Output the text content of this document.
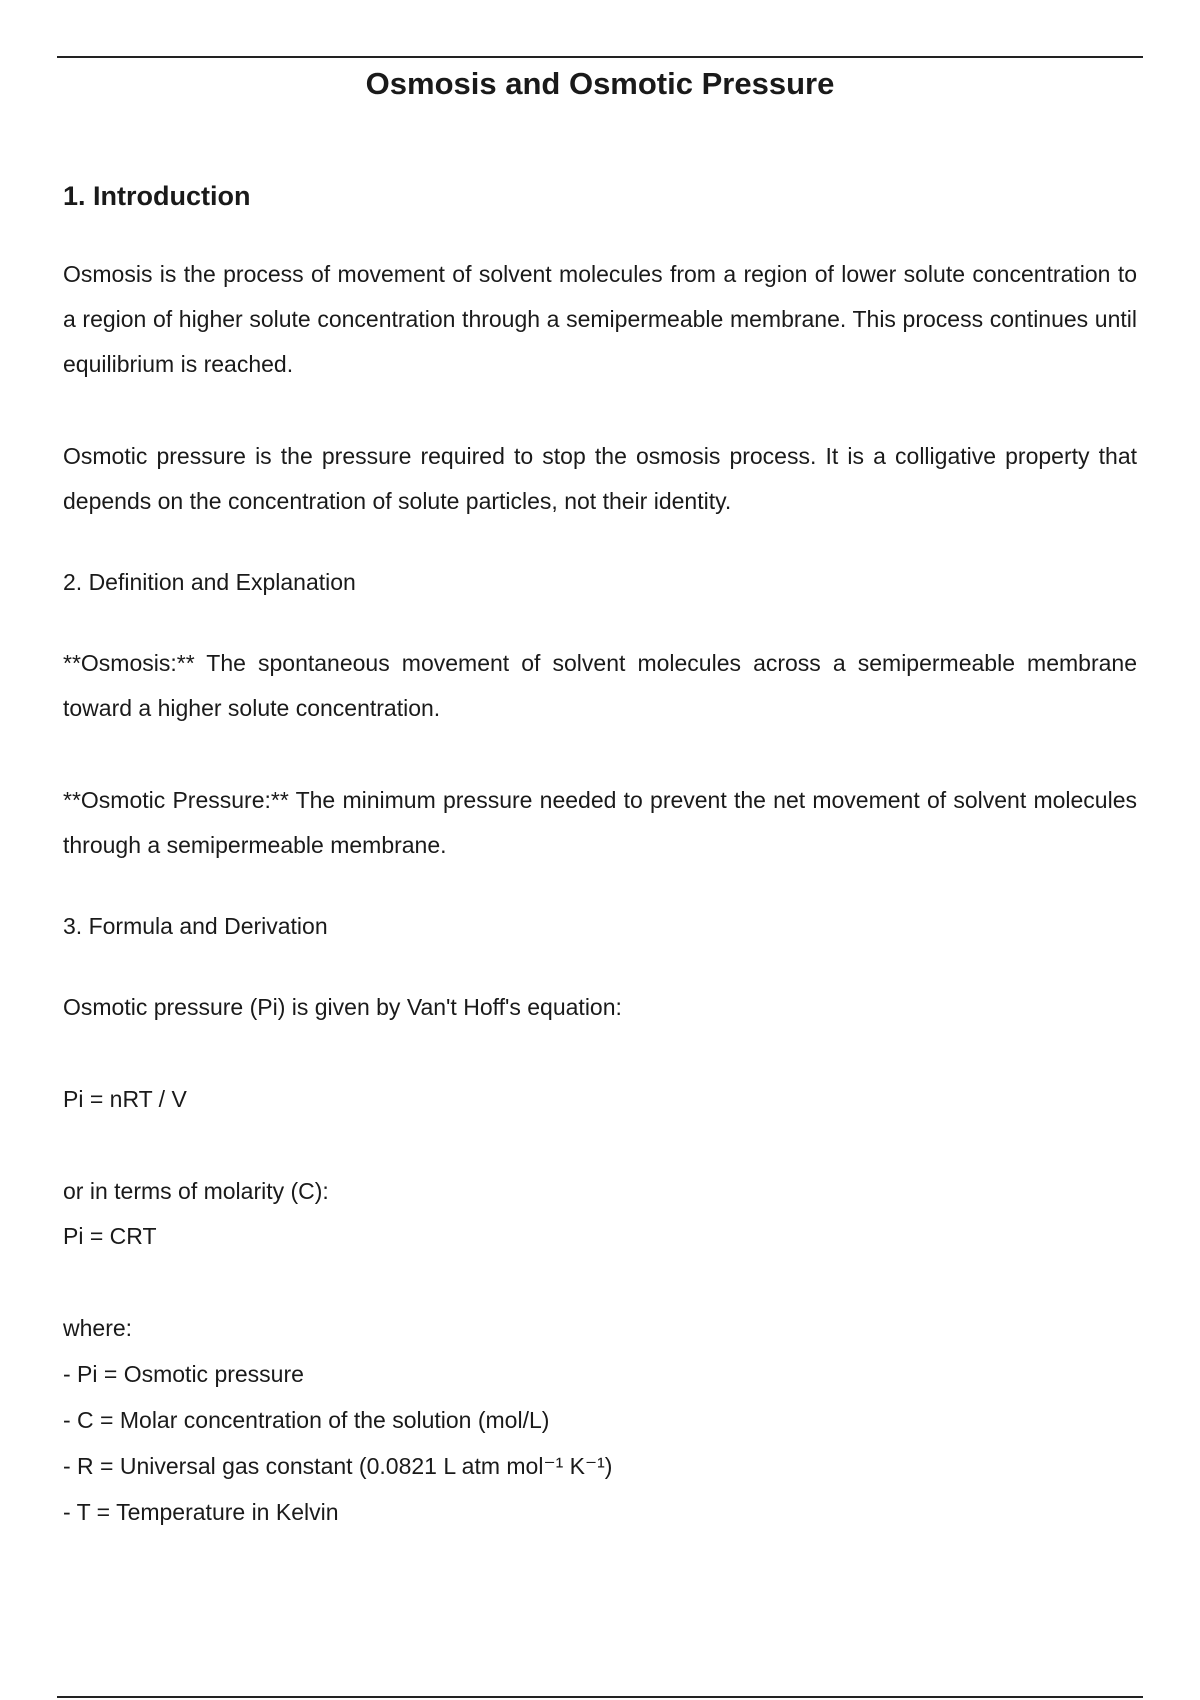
Osmosis and Osmotic Pressure
1. Introduction

Osmosis is the process of movement of solvent molecules from a region of lower solute concentration to a region of higher solute concentration through a semipermeable membrane. This process continues until equilibrium is reached.

Osmotic pressure is the pressure required to stop the osmosis process. It is a colligative property that depends on the concentration of solute particles, not their identity.

2. Definition and Explanation

**Osmosis:** The spontaneous movement of solvent molecules across a semipermeable membrane toward a higher solute concentration.

**Osmotic Pressure:** The minimum pressure needed to prevent the net movement of solvent molecules through a semipermeable membrane.

3. Formula and Derivation

Osmotic pressure (Pi) is given by Van't Hoff's equation:

Pi = nRT / V

or in terms of molarity (C):

Pi = CRT

where:

- Pi = Osmotic pressure
- C = Molar concentration of the solution (mol/L)
- R = Universal gas constant (0.0821 L atm mol⁻¹ K⁻¹)
- T = Temperature in Kelvin
